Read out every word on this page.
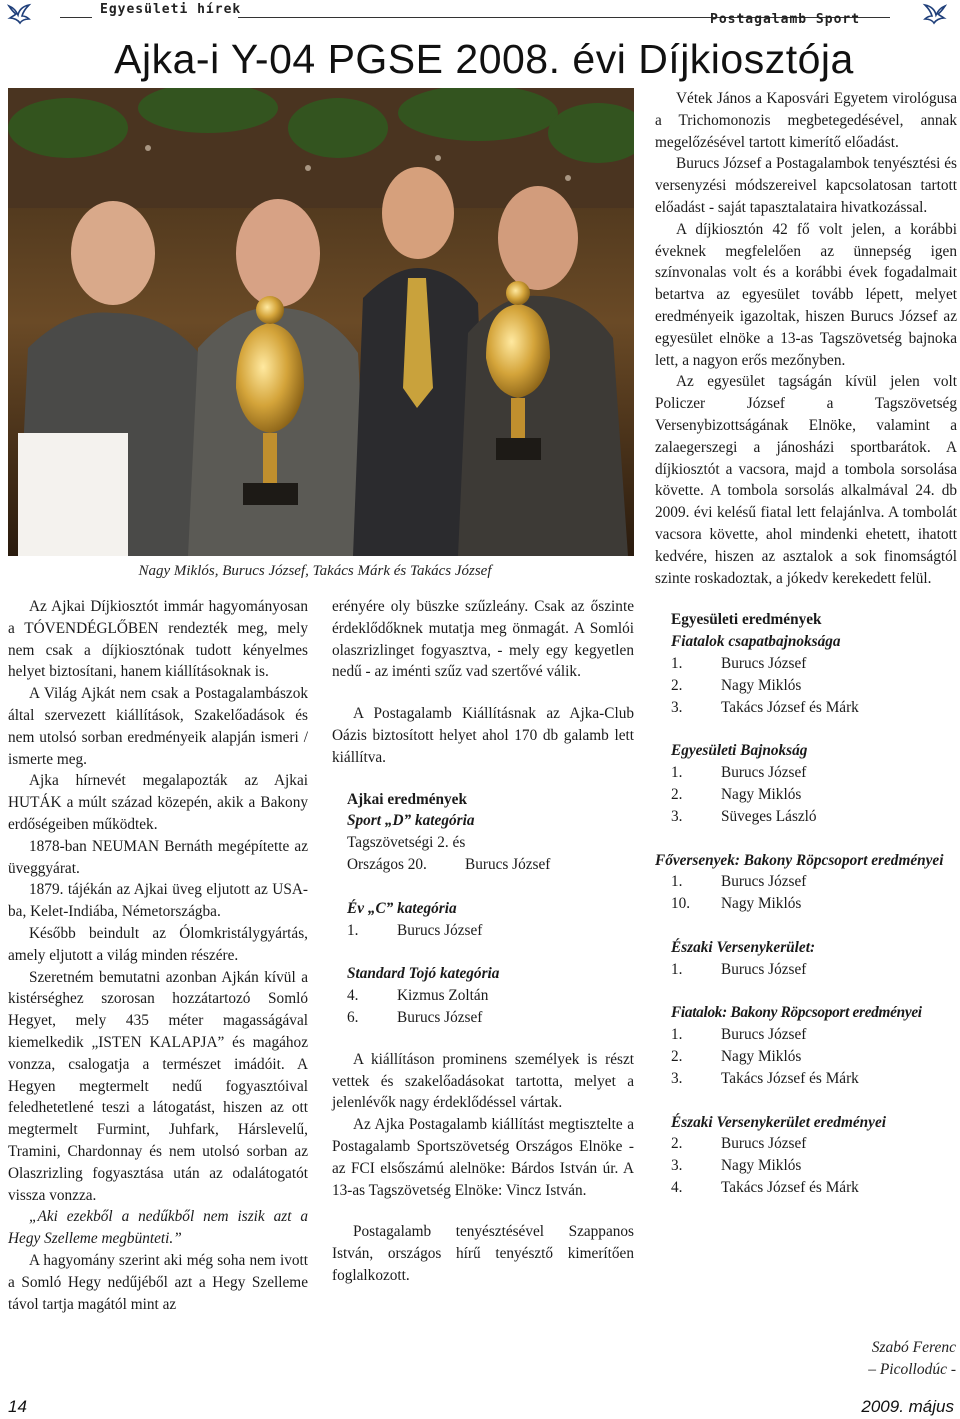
Egyesületi hírek
Postagalamb Sport
Ajka-i Y-04 PGSE 2008. évi Díjkiosztója
Nagy Miklós, Burucs József, Takács Márk és Takács József

Az Ajkai Díjkiosztót immár hagyományosan a TÓVENDÉGLŐBEN rendezték meg, mely nem csak a díjkiosztónak tudott kényelmes helyet biztosítani, hanem kiállításoknak is.

A Világ Ajkát nem csak a Postagalambászok által szervezett kiállítások, Szakelőadások és nem utolsó sorban eredményeik alapján ismeri / ismerte meg.

Ajka hírnevét megalapozták az Ajkai HUTÁK a múlt század közepén, akik a Bakony erdőségeiben működtek.

1878-ban NEUMAN Bernáth megépítette az üveggyárat.

1879. tájékán az Ajkai üveg eljutott az USA-ba, Kelet-Indiába, Németországba.

Később beindult az Ólomkristálygyártás, amely eljutott a világ minden részére.

Szeretném bemutatni azonban Ajkán kívül a kistérséghez szorosan hozzátartozó Somló Hegyet, mely 435 méter magasságával kiemelkedik „ISTEN KALAPJA” és magához vonzza, csalogatja a természet imádóit. A Hegyen megtermelt nedű fogyasztóival feledhetetlené teszi a látogatást, hiszen az ott megtermelt Furmint, Juhfark, Hárslevelű, Tramini, Chardonnay és nem utolsó sorban az Olaszrizling fogyasztása után az odalátogatót vissza vonzza.

„Aki ezekből a nedűkből nem iszik azt a Hegy Szelleme megbünteti.”

A hagyomány szerint aki még soha nem ivott a Somló Hegy nedűjéből azt a Hegy Szelleme távol tartja magától mint az

erényére oly büszke szűzleány. Csak az őszinte érdeklődőknek mutatja meg önmagát. A Somlói olaszrizlinget fogyasztva, - mely egy kegyetlen nedű - az iménti szűz vad szertővé válik.

A Postagalamb Kiállításnak az Ajka-Club Oázis biztosított helyet ahol 170 db galamb lett kiállítva.

Ajkai eredmények
Sport „D” kategória
Tagszövetségi 2. és
Országos 20.	Burucs József
Év „C” kategória
1.	Burucs József
Standard Tojó kategória
4.	Kizmus Zoltán
6.	Burucs József

A kiállításon prominens személyek is részt vettek és szakelőadásokat tartotta, melyet a jelenlévők nagy érdeklődéssel vártak.

Az Ajka Postagalamb kiállítást megtisztelte a Postagalamb Sportszövetség Országos Elnöke - az FCI elsőszámú alelnöke: Bárdos István úr. A 13-as Tagszövetség Elnöke: Vincz István.

Postagalamb tenyésztésével Szappanos István, országos hírű tenyésztő kimerítően foglalkozott.

Vétek János a Kaposvári Egyetem virológusa a Trichomonozis megbetegedésével, annak megelőzésével tartott kimerítő előadást.

Burucs József a Postagalambok tenyésztési és versenyzési módszereivel kapcsolatosan tartott előadást - saját tapasztalataira hivatkozással.

A díjkiosztón 42 fő volt jelen, a korábbi éveknek megfelelően az ünnepség igen színvonalas volt és a korábbi évek fogadalmait betartva az egyesület tovább lépett, melyet eredményeik igazoltak, hiszen Burucs József az egyesület elnöke a 13-as Tagszövetség bajnoka lett, a nagyon erős mezőnyben.

Az egyesület tagságán kívül jelen volt Policzer József a Tagszövetség Versenybizottságának Elnöke, valamint a zalaegerszegi a jánosházi sportbarátok. A díjkiosztót a vacsora, majd a tombola sorsolása követte. A tombola sorsolás alkalmával 24. db 2009. évi kelésű fiatal lett felajánlva. A tombolát vacsora követte, ahol mindenki ehetett, ihatott kedvére, hiszen az asztalok a sok finomságtól szinte roskadoztak, a jókedv kerekedett felül.

Egyesületi eredmények
Fiatalok csapatbajnoksága
1.	Burucs József
2.	Nagy Miklós
3.	Takács József és Márk
Egyesületi Bajnokság
1.	Burucs József
2.	Nagy Miklós
3.	Süveges László
Főversenyek: Bakony Röpcsoport eredményei
1.	Burucs József
10.	Nagy Miklós
Északi Versenykerület:
1.	Burucs József
Fiatalok: Bakony Röpcsoport eredményei
1.	Burucs József
2.	Nagy Miklós
3.	Takács József és Márk
Északi Versenykerület eredményei
2.	Burucs József
3.	Nagy Miklós
4.	Takács József és Márk
Szabó Ferenc
– Picollodúc -
14	2009. május
